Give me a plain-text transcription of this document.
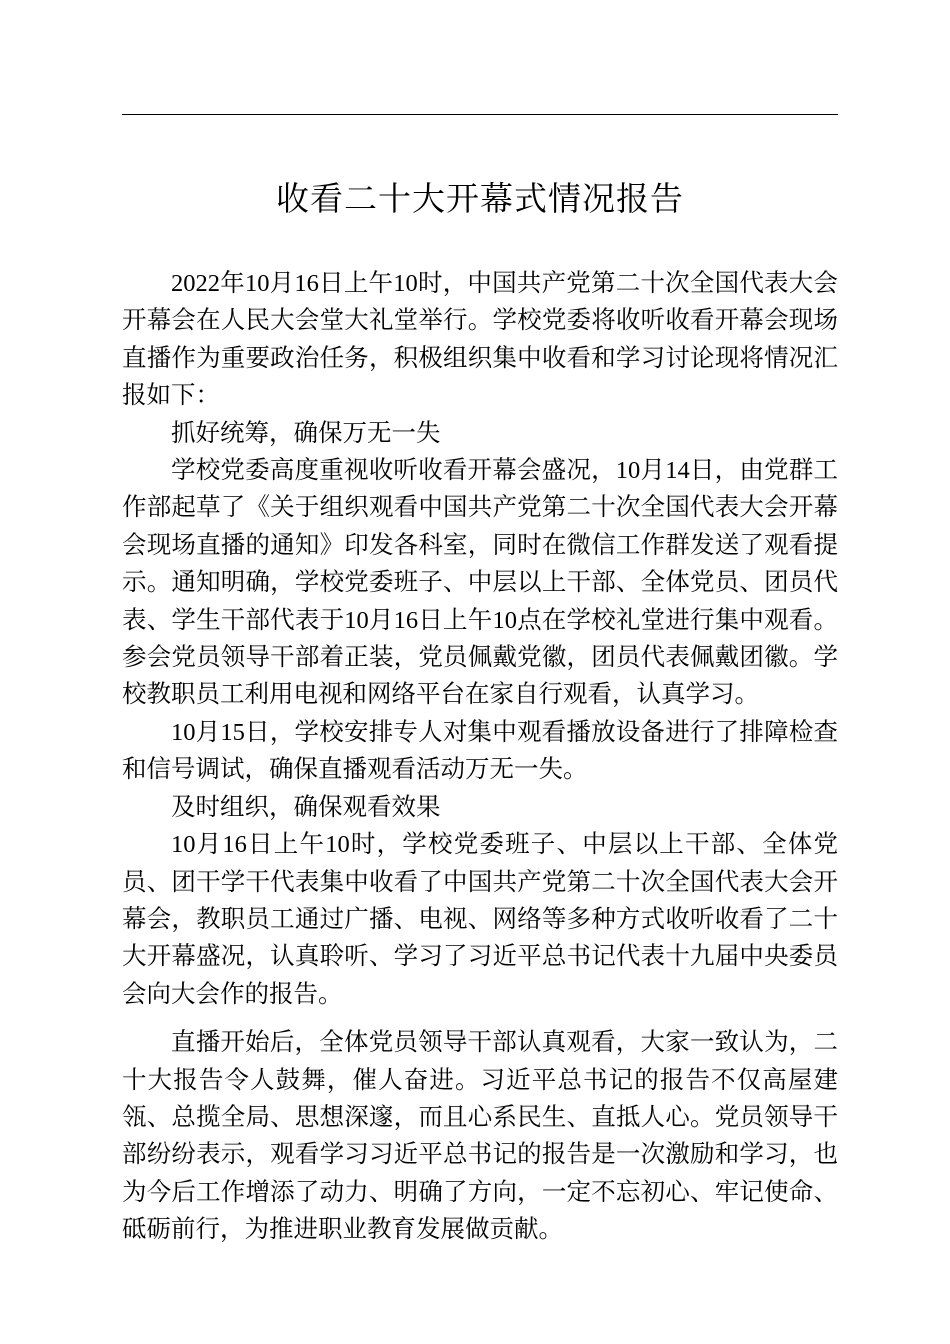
收看二十大开幕式情况报告

2022年10月16日上午10时，中国共产党第二十次全国代表大会开幕会在人民大会堂大礼堂举行。学校党委将收听收看开幕会现场直播作为重要政治任务，积极组织集中收看和学习讨论现将情况汇报如下：

抓好统筹，确保万无一失

学校党委高度重视收听收看开幕会盛况，10月14日，由党群工作部起草了《关于组织观看中国共产党第二十次全国代表大会开幕会现场直播的通知》印发各科室，同时在微信工作群发送了观看提示。通知明确，学校党委班子、中层以上干部、全体党员、团员代表、学生干部代表于10月16日上午10点在学校礼堂进行集中观看。参会党员领导干部着正装，党员佩戴党徽，团员代表佩戴团徽。学校教职员工利用电视和网络平台在家自行观看，认真学习。

10月15日，学校安排专人对集中观看播放设备进行了排障检查和信号调试，确保直播观看活动万无一失。

及时组织，确保观看效果

10月16日上午10时，学校党委班子、中层以上干部、全体党员、团干学干代表集中收看了中国共产党第二十次全国代表大会开幕会，教职员工通过广播、电视、网络等多种方式收听收看了二十大开幕盛况，认真聆听、学习了习近平总书记代表十九届中央委员会向大会作的报告。

直播开始后，全体党员领导干部认真观看，大家一致认为，二十大报告令人鼓舞，催人奋进。习近平总书记的报告不仅高屋建瓴、总揽全局、思想深邃，而且心系民生、直抵人心。党员领导干部纷纷表示，观看学习习近平总书记的报告是一次激励和学习，也为今后工作增添了动力、明确了方向，一定不忘初心、牢记使命、砥砺前行，为推进职业教育发展做贡献。
